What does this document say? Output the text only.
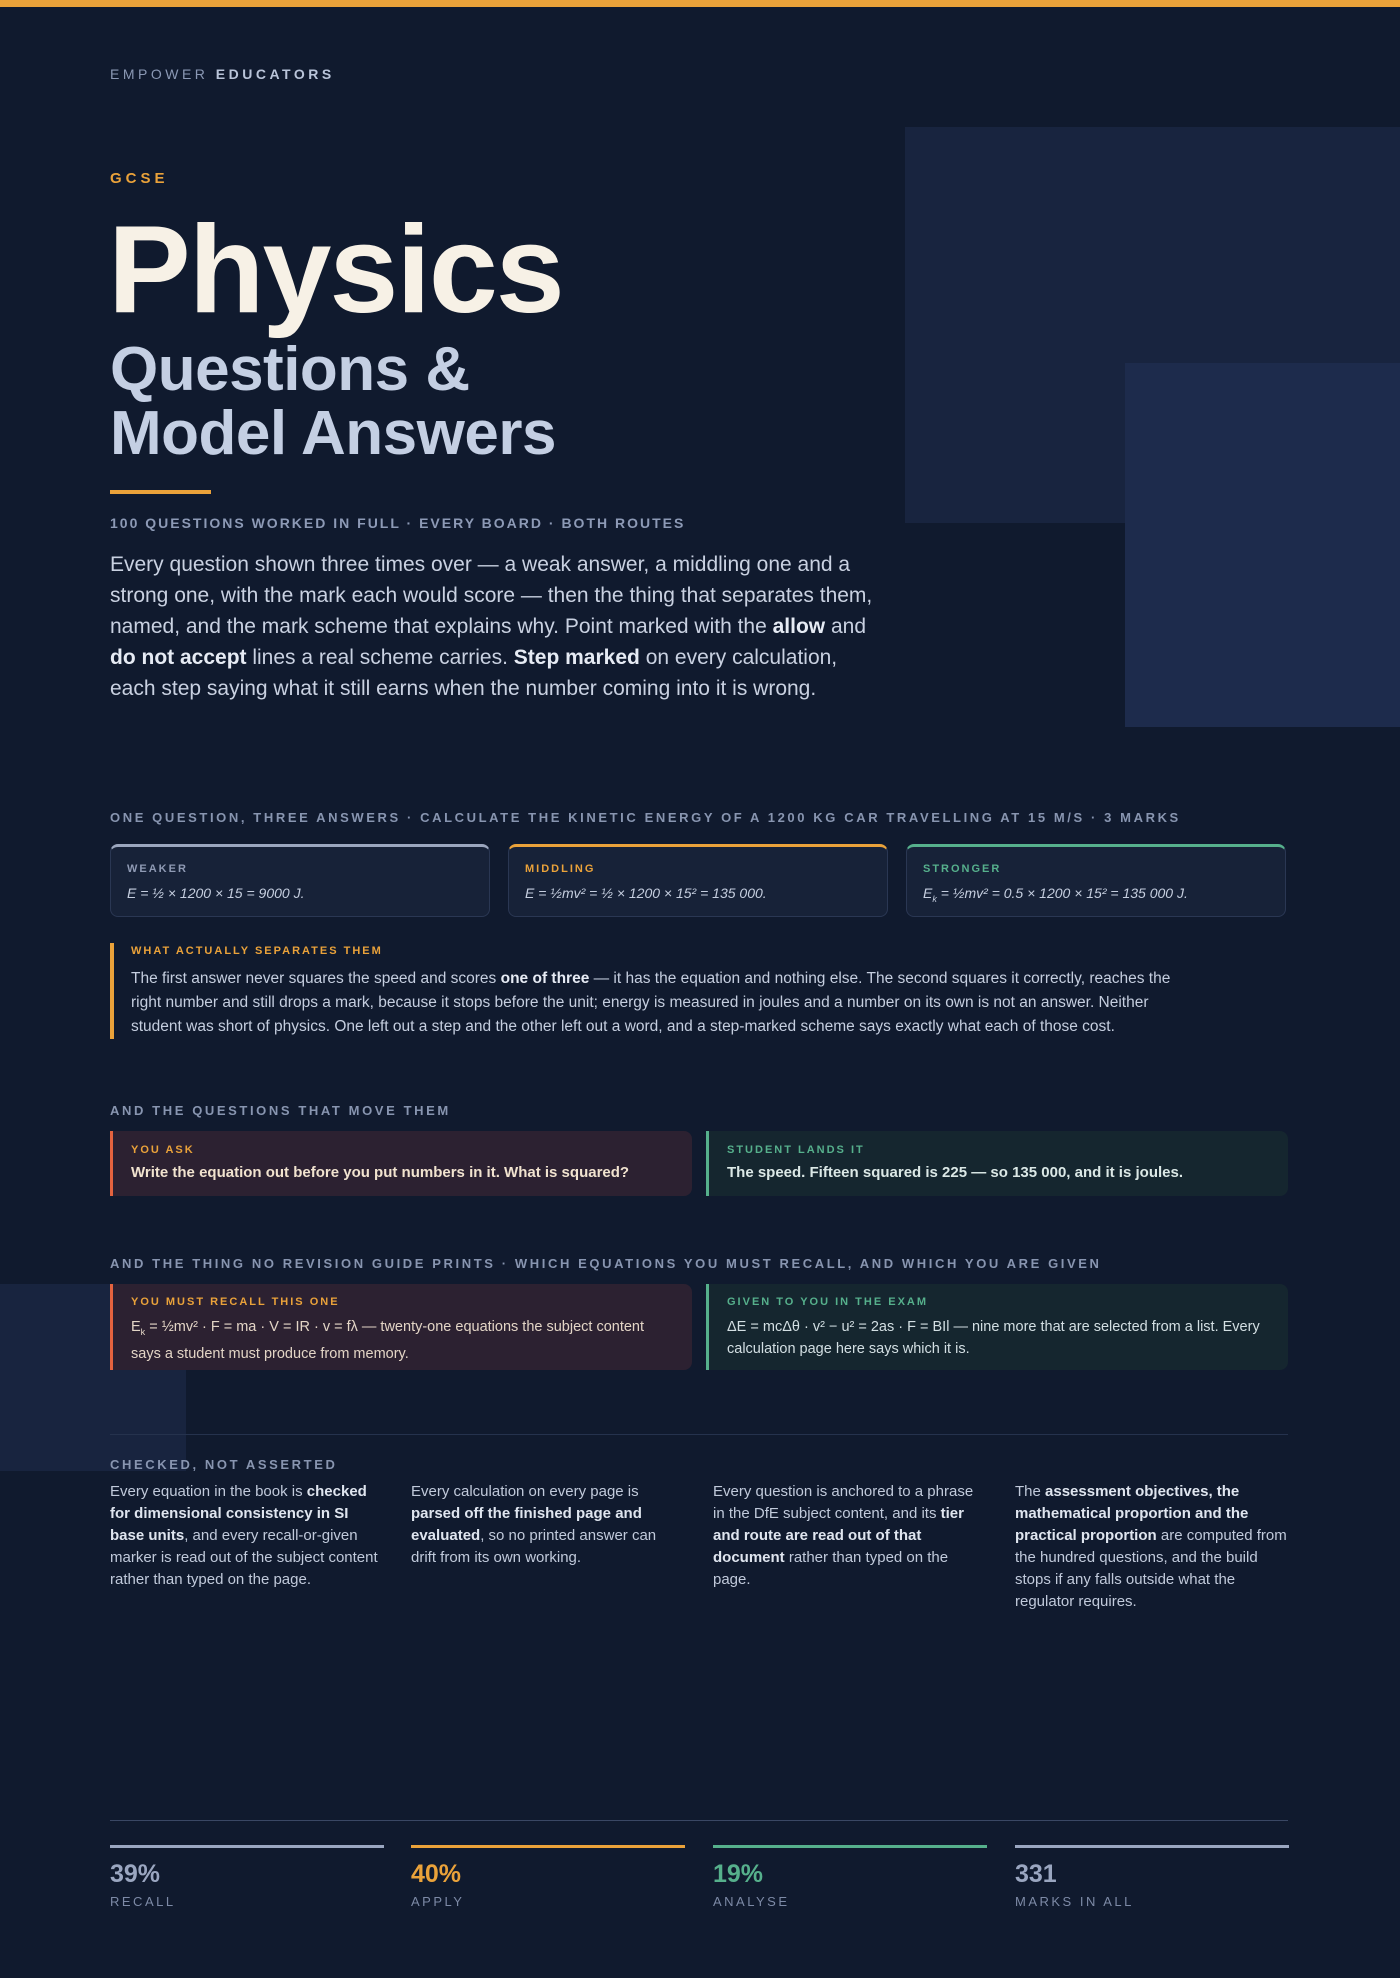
EMPOWER EDUCATORS
GCSE
Physics
Questions &
Model Answers
100 QUESTIONS WORKED IN FULL · EVERY BOARD · BOTH ROUTES
Every question shown three times over — a weak answer, a middling one and a strong one, with the mark each would score — then the thing that separates them, named, and the mark scheme that explains why. Point marked with the allow and do not accept lines a real scheme carries. Step marked on every calculation, each step saying what it still earns when the number coming into it is wrong.
ONE QUESTION, THREE ANSWERS · CALCULATE THE KINETIC ENERGY OF A 1200 KG CAR TRAVELLING AT 15 M/S · 3 MARKS
WEAKER
E = ½ × 1200 × 15 = 9000 J.
MIDDLING
E = ½mv² = ½ × 1200 × 15² = 135 000.
STRONGER
$E_k$ = ½mv² = 0.5 × 1200 × 15² = 135 000 J.
WHAT ACTUALLY SEPARATES THEM
The first answer never squares the speed and scores one of three — it has the equation and nothing else. The second squares it correctly, reaches the right number and still drops a mark, because it stops before the unit; energy is measured in joules and a number on its own is not an answer. Neither student was short of physics. One left out a step and the other left out a word, and a step-marked scheme says exactly what each of those cost.
AND THE QUESTIONS THAT MOVE THEM
YOU ASK
Write the equation out before you put numbers in it. What is squared?
STUDENT LANDS IT
The speed. Fifteen squared is 225 — so 135 000, and it is joules.
AND THE THING NO REVISION GUIDE PRINTS · WHICH EQUATIONS YOU MUST RECALL, AND WHICH YOU ARE GIVEN
YOU MUST RECALL THIS ONE
$E_k$ = ½mv² · F = ma · V = IR · v = fλ — twenty-one equations the subject content says a student must produce from memory.
GIVEN TO YOU IN THE EXAM
ΔE = mcΔθ · v² − u² = 2as · F = BIl — nine more that are selected from a list. Every calculation page here says which it is.
CHECKED, NOT ASSERTED
Every equation in the book is checked for dimensional consistency in SI base units, and every recall-or-given marker is read out of the subject content rather than typed on the page.
Every calculation on every page is parsed off the finished page and evaluated, so no printed answer can drift from its own working.
Every question is anchored to a phrase in the DfE subject content, and its tier and route are read out of that document rather than typed on the page.
The assessment objectives, the mathematical proportion and the practical proportion are computed from the hundred questions, and the build stops if any falls outside what the regulator requires.
39%
RECALL
40%
APPLY
19%
ANALYSE
331
MARKS IN ALL
